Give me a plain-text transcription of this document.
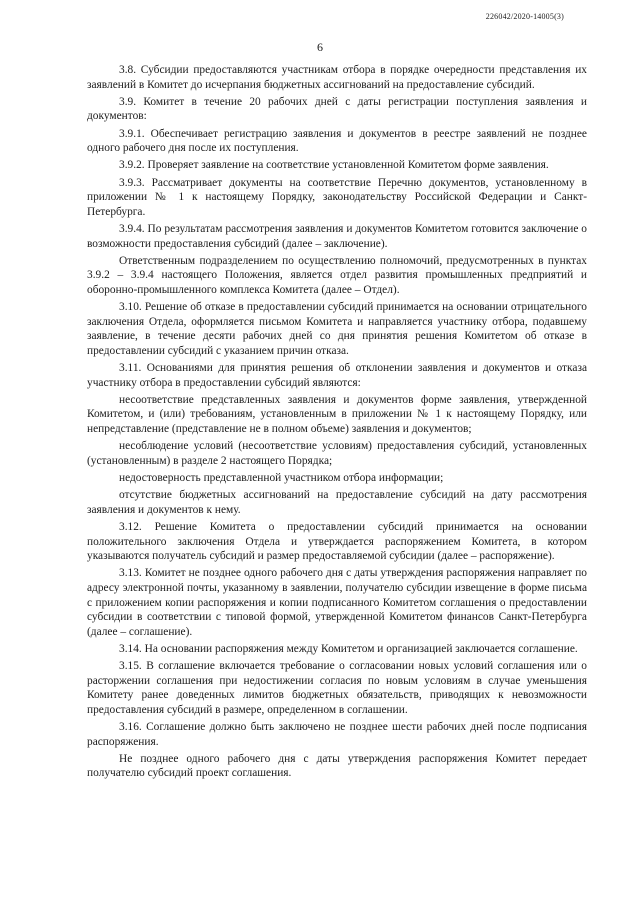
226042/2020-14005(3)
6

3.8. Субсидии предоставляются участникам отбора в порядке очередности представления их заявлений в Комитет до исчерпания бюджетных ассигнований на предоставление субсидий.

3.9. Комитет в течение 20 рабочих дней с даты регистрации поступления заявления и документов:

3.9.1. Обеспечивает регистрацию заявления и документов в реестре заявлений не позднее одного рабочего дня после их поступления.

3.9.2. Проверяет заявление на соответствие установленной Комитетом форме заявления.

3.9.3. Рассматривает документы на соответствие Перечню документов, установленному в приложении № 1 к настоящему Порядку, законодательству Российской Федерации и Санкт-Петербурга.

3.9.4. По результатам рассмотрения заявления и документов Комитетом готовится заключение о возможности предоставления субсидий (далее – заключение).

Ответственным подразделением по осуществлению полномочий, предусмотренных в пунктах 3.9.2 – 3.9.4 настоящего Положения, является отдел развития промышленных предприятий и оборонно-промышленного комплекса Комитета (далее – Отдел).

3.10. Решение об отказе в предоставлении субсидий принимается на основании отрицательного заключения Отдела, оформляется письмом Комитета и направляется участнику отбора, подавшему заявление, в течение десяти рабочих дней со дня принятия решения Комитетом об отказе в предоставлении субсидий с указанием причин отказа.

3.11. Основаниями для принятия решения об отклонении заявления и документов и отказа участнику отбора в предоставлении субсидий являются:

несоответствие представленных заявления и документов форме заявления, утвержденной Комитетом, и (или) требованиям, установленным в приложении № 1 к настоящему Порядку, или непредставление (представление не в полном объеме) заявления и документов;

несоблюдение условий (несоответствие условиям) предоставления субсидий, установленных (установленным) в разделе 2 настоящего Порядка;

недостоверность представленной участником отбора информации;

отсутствие бюджетных ассигнований на предоставление субсидий на дату рассмотрения заявления и документов к нему.

3.12. Решение Комитета о предоставлении субсидий принимается на основании положительного заключения Отдела и утверждается распоряжением Комитета, в котором указываются получатель субсидий и размер предоставляемой субсидии (далее – распоряжение).

3.13. Комитет не позднее одного рабочего дня с даты утверждения распоряжения направляет по адресу электронной почты, указанному в заявлении, получателю субсидии извещение в форме письма с приложением копии распоряжения и копии подписанного Комитетом соглашения о предоставлении субсидии в соответствии с типовой формой, утвержденной Комитетом финансов Санкт-Петербурга (далее – соглашение).

3.14. На основании распоряжения между Комитетом и организацией заключается соглашение.

3.15. В соглашение включается требование о согласовании новых условий соглашения или о расторжении соглашения при недостижении согласия по новым условиям в случае уменьшения Комитету ранее доведенных лимитов бюджетных обязательств, приводящих к невозможности предоставления субсидий в размере, определенном в соглашении.

3.16. Соглашение должно быть заключено не позднее шести рабочих дней после подписания распоряжения.

Не позднее одного рабочего дня с даты утверждения распоряжения Комитет передает получателю субсидий проект соглашения.
